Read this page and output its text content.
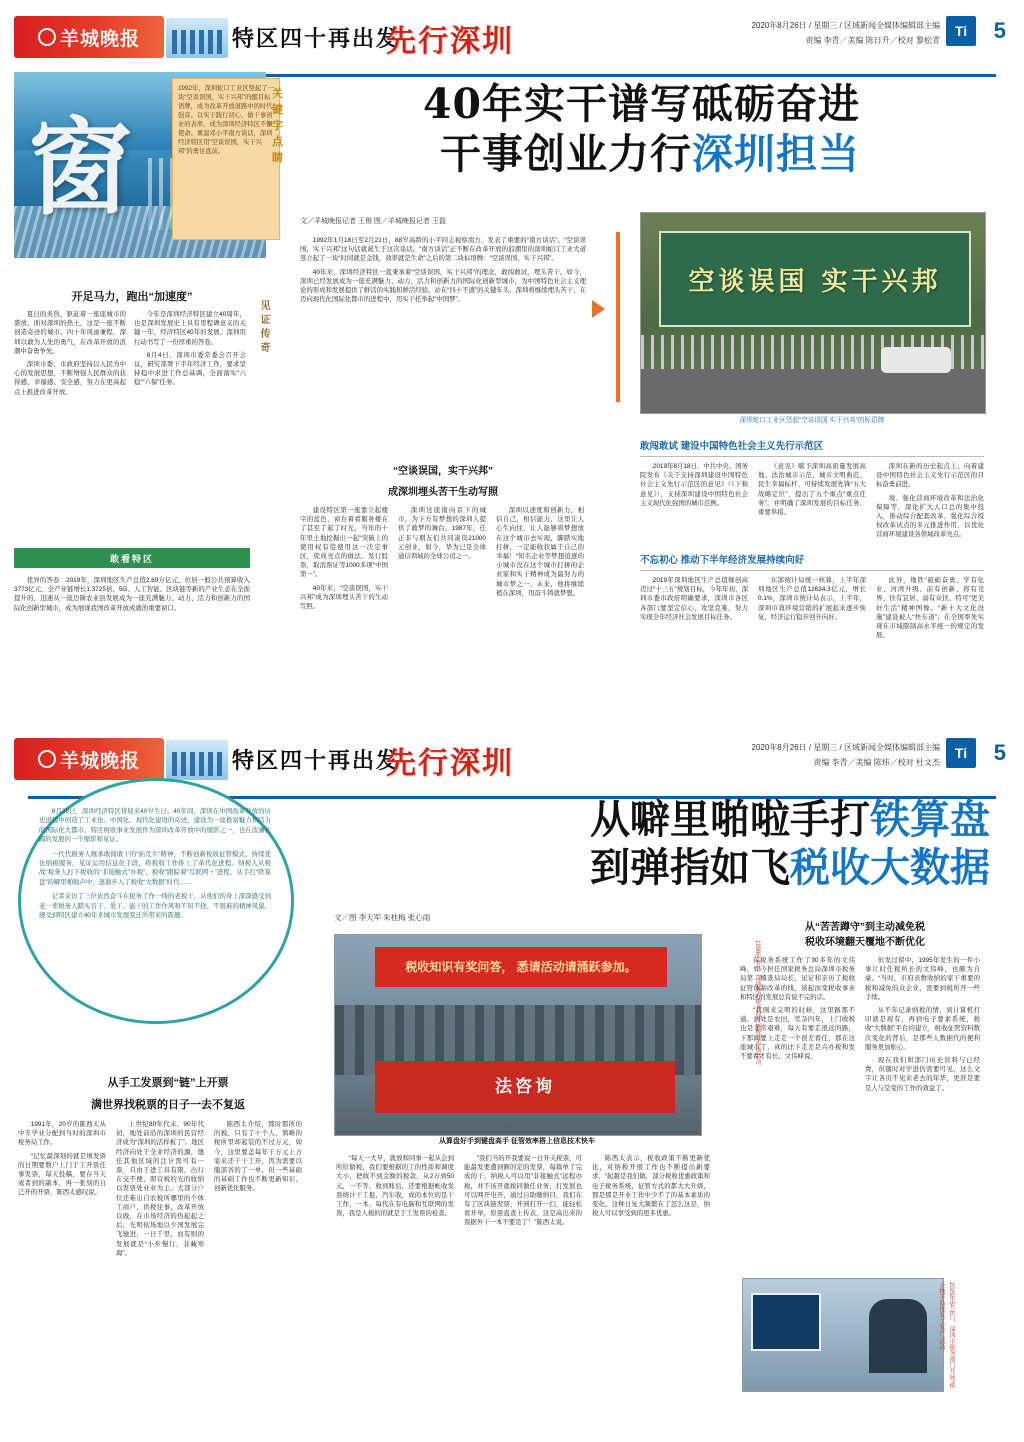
羊城晚报	特区四十再出发
先行深圳	2020年8月26日 / 星期三 / 区域新闻全媒体编辑部主编
责编 李青／美编 陈日升／校对 黎松青
Ti	5
窗
1992年，深圳蛇口工业区竖起了一块“空谈误国，实干兴邦”的醒目标语牌，成为改革开放道路中的时代强音。以实干践行初心，做干事创业的表率，成为深圳经济特区不懈使命。重温邓小平南方谈话，深圳经济特区用“空谈误国，实干兴邦”的勇往直前。
关键字点睛
40年实干谱写砥砺奋进
干事创业力行深圳担当
文／羊城晚报记者 王俊 图／羊城晚报记者 王磊
空谈误国 实干兴邦
深圳蛇口工业区竖起“空谈误国 实干兴邦”的标语牌
开足马力，跑出“加速度”

夏日的炎热，驱赶着一座座城市的盛放，面对深圳的热土，这是一座不断创造奇迹的城市。四十年风雨兼程，深圳以敢为人先的勇气，在改革开放的浪潮中奋勇争先。

深圳市委、市政府坚持以人民为中心的发展思想，不断增强人民群众的获得感、幸福感、安全感，努力在更高起点上推进改革开放。

今年是深圳经济特区建立40周年，也是深圳发展史上具有里程碑意义的关键一年。经济特区40年的发展，深圳用行动书写了一份厚重的答卷。

8月4日，深圳市委常委会召开会议，研究部署下半年经济工作，要求坚持稳中求进工作总基调，全面落实“六稳”“六保”任务。

见证传奇
敢看特区

优异的答卷：2019年，深圳地区生产总值2.69万亿元，位居一般公共预算收入3773亿元，全产业链增长1.3725倍，5G、人工智能、区块链等新的产业生态在全面提升的，迅速从一座边陲农业县发展成为一座充满魅力、动力、活力和创新力的国际化创新型城市，成为展现我国改革开放成就的重要窗口。

1992年1月18日至2月21日，88岁高龄的小平同志视察南方，发表了重要的“南方谈话”。“空谈误国，实干兴邦”这句话就诞生于这次谈话。“南方谈话”正不断在改革开放的浪潮里的深圳蛇口工业大道竖立起了一块“时间就是金钱，效率就是生命”之后的第二块标语牌：“空谈误国，实干兴邦”。

40年来，深圳经济特区一直秉承着“空谈误国，实干兴邦”的理念，敢闯敢试，埋头苦干。如今，深圳已经发展成为一座充满魅力、动力、活力和创新力的国际化创新型城市，为中国特色社会主义理论的形成和发展提供了鲜活的实践和鲜活经验。站在“四十不惑”的关键年头，深圳将继续埋头苦干，在迈向现代化国际化都市的进程中，用实干托举起“中国梦”。

“空谈误国，实干兴邦”
成深圳埋头苦干生动写照

建设特区第一座靠立起楼字的蓝色，窗台着看服务楼在了甚至了起了时光，当年的十年里土地挖掘出一起“突破上的使用权有偿使用这一决定事区，促成亮点的做法。发行股票，取消票证等1000多项“中国第一”。

40年来，“空谈误国，实干兴邦”成为深圳埋头苦干的生动写照。

深圳这座南向京下的城市，为下方有梦想的深圳人提供了敢梦的舞台。1987年，任正非与朋友们共同凑资21000元创业，如今，华为已是全球通信领域的全球公司之一。

深圳以速度和创新力，相信自己，相信能力，这里让人心生向往，让人能够将梦想放在这个城市去实现，脚踏实地打拼，一定能收获属于自己的幸福！“知名企业等梦想追逐的小城市没在这个城市打拼的企业家和实干精神成为最努力的城市梦之一。未来，他将继续植在深圳，用奋斗铸就梦想。

敢闯敢试 建设中国特色社会主义先行示范区

2019年8月18日，中共中央、国务院发布《关于支持深圳建设中国特色社会主义先行示范区的意见》（《下称意见》），支持深圳建设中国特色社会主义现代化强国的城市范例。

《意见》赋予深圳高质量发展高地、法治城市示范、城市文明典范、民生幸福标杆、可持续发展先锋“五大战略定位”，提出了五个重点“重点任务”，并明确了深圳发展的目标任务、重要举措。

深圳在新的历史起点上，向着建设中国特色社会主义先行示范区的目标奋勇前进。

境、强化营商环境改革和法治化保障等，深化扩大人口总的集中投入，推动综合配套改革，强化综合授权改革试点的多元推进作用，以优化营商环境建设各领域改革亮点。

不忘初心 推动下半年经济发展持续向好

2019年深圳地区生产总值继创高迈过“十三五”规划目标，今年年初，深圳市委市政府明确要求，深圳市各区各部门要坚定信心，攻坚克难，努力实现全年经济社会发展目标任务。

东部统计局统一核算，上半年深圳地区生产总值12634.3亿元，增长0.1%，深圳市统计局表示，上半年，深圳市效环境营销的扩展起来逐步恢复，经济运行稳步回升向好。

此外，地铁“砥砺奋勇、学有化业、河湾升级、前有创新、将有竞界、住有宜居、弱有众扶、特可“更美好生活”精神图像。“新十大文化设施”建设被人“快车道”；在全国率先实现在市域限制高水平统一的规定的发展。

羊城晚报	特区四十再出发
先行深圳	2020年8月26日 / 星期三 / 区域新闻全媒体编辑部主编
责编 李青／美编 陈炜／校对 杜文杰
Ti	5

8月26日，深圳经济特区将迎来40岁生日。40年间，深圳在中国改革开放的历史进程中创造了工业化、中国化、现代化建设的奇迹，建设为一座极富魅力和活力的国际化大都市。特区税收事业发展作为深圳改革开放中的缩影之一，也在波澜壮阔的发展的一个缩影和见证。

一代代税务人继承敢闯敢干的“拓荒牛”精神，不断创新税收征管模式，持续优化纳税服务，见证运用信息化手段，将税收工作推上了革代化进程。纳税人从税战“税务人打下税收的“非接触式”办税“，税收”跟踪着“互联网＋”进程，从手打“铁算盘”的噼里啪啦声中，逐渐步入了税收“大数据”时代……

记者采访了三位依然奋斗在税务工作一线的老税干，从他们的身上深深感受到老一辈税务人踏实肯干、爱干、能干的工作作风和不屈不挠、不畏难的精神风貌，感受到特区建立40年来城市发展变迁所带来的震撼。

从噼里啪啦手打铁算盘
到弹指如飞税收大数据
文／图 李天军 朱桂梅 张心雨
税收知识有奖问答， 悉请活动请涌跃参加。
法咨询
1998年4月，深圳地方税务局开展税法咨询活动
从算盘好手到键盘高手 征管效率搭上信息技术快车
从手工发票到“链”上开票
满世界找税票的日子一去不复返

1991年，20岁的陈西太从中专毕业分配到当时的深圳市税务局工作。

“记忆最深刻的就是填发票的日期要数户上门于工开票任事发票，每天投稿，要存当天或者到的副本，再一张刻的自己开的开票，陈西太感叹说。

上世纪80年代末、90年代初，地处前沿的深圳的民营经济成为“深圳的活样板了”。地区经济向处于全业经济的源，邀任其他区域的注计需可有一票，只由于进工具有限，出行在交不便，即营税的光的收纳以发票处业业为主。大部分户位还难出自农税所哪里的个体工商户，供税往事，改革开放以做，在市场经济的热起起之后，光明依场地以少国发展完飞驰进，一日千里，而有则的发展就是“小步慢行，非藏寒海”。

陈西太介绍，那时那所的的税，只有了十个人，简略的税所里却起装的不过万元，如今，这里要盖每年干万元上万家来还干干工开，因为需要以服部省的了一单，但一些基础的基础工作也不断更新知识，创新优化服务。

“每天一大早，就放和同事一起从会到所给做税，我们要根据的工的性质和调度大小，把收不到金额的税款，从2万到50元，一不等，收到账后，还要根据帐收发票统计干工报，汽车收，成的本位的是干工作，一本，每代在有电脑和互联网的发票，我是人税的的就是于工发票的检查。

“我们当的开我要说一日开关税票，可能最发要遭到额的定的发票，每篇单了完成的干，纳税人可以用“非接触式”远程办税，并不该开就税同做任业务，打发展也可以网开电开，通过自助缴纳目，我们在有了区块链发票，开到打开一扫，能轻松看开单，原票直查上传表，这是高出来的票据外干一本不要是了！”陈西太说。

陈西太表示，税收政策不断更新优化，对纳税开展工作也不断提出新要求，“起越是我们做，部分税收优惠政策和电子税务系统，征管方式的都大大升级，那是那是开业工作中少不了的基本素质的变化。这种日复大频繁在了怎么这是，纳税人可以享受到的更多优惠。

从“苦苦蹲守”到主动减免税
税收环境翻天覆地不断优化

在税务系统工作了30多年的文伟峰，如今担任国家税务总局深圳市税务局第二稽查局局长，见证和亲历了税收征管体制改革的线，谈起而变税收事业和特区的发展总有说不完的话。

“我刚来完明的时候，这里路那不通，到处是农田，荒杂四年，上门收税也是非常艰难，每天有要走很远的路，下那间要上走走一个很差看任，那在这座城市了，真的比下走差是兴办税和发不要看才有长，文伟峰说。

但发过留中，1995年发生的一件小事让时任税所长的文伟峰，也颇为自豪。“当时，市府表数收纳的家干重要的税和减免的众企业，需要到税所开一些手续。

从不年记录纳税的情，到计算机打印就是现有，再到电子要素系统，税收“大数据”平台的建立，税收征管资料数次变化的背后，是那些人数据代的便利服务更加贴心。

现在我们和部门历史资料与已经费，但随时对学进仍需要可见，这么文字让各页不见来老去的年华，更准是要是人与是变的工作的效益了。

2020年5月8日，深圳市税务部门开展“税企携手助推复工复产”活动
